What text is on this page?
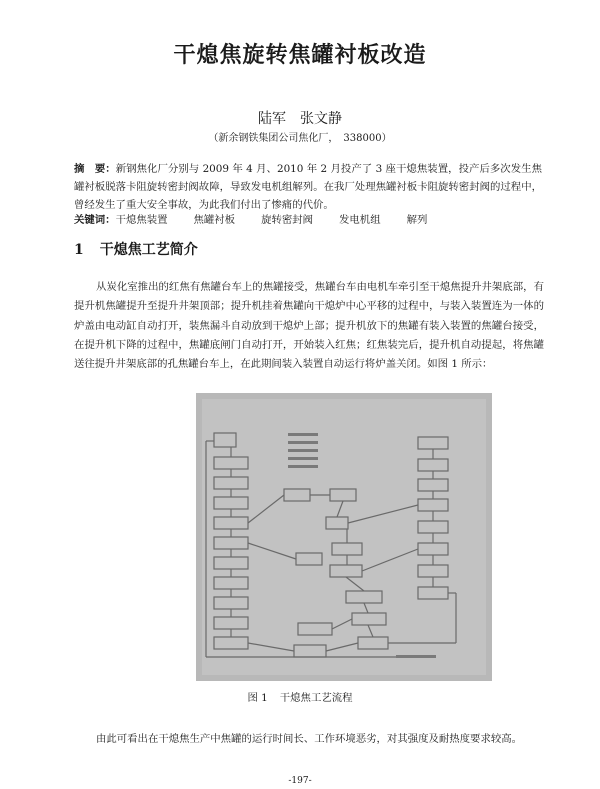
干熄焦旋转焦罐衬板改造
陆军　张文静
（新余钢铁集团公司焦化厂，　338000）
摘　要：新钢焦化厂分别与 2009 年 4 月、2010 年 2 月投产了 3 座干熄焦装置，投产后多次发生焦罐衬板脱落卡阻旋转密封阀故障，导致发电机组解列。在我厂处理焦罐衬板卡阻旋转密封阀的过程中，曾经发生了重大安全事故，为此我们付出了惨痛的代价。
关键词：干熄焦装置	焦罐衬板	旋转密封阀	发电机组	解列
1 干熄焦工艺简介
从炭化室推出的红焦有焦罐台车上的焦罐接受，焦罐台车由电机车牵引至干熄焦提升井架底部，有提升机焦罐提升至提升井架顶部；提升机挂着焦罐向干熄炉中心平移的过程中，与装入装置连为一体的炉盖由电动缸自动打开，装焦漏斗自动放到干熄炉上部；提升机放下的焦罐有装入装置的焦罐台接受，在提升机下降的过程中，焦罐底闸门自动打开，开始装入红焦；红焦装完后，提升机自动提起，将焦罐送往提升井架底部的孔焦罐台车上，在此期间装入装置自动运行将炉盖关闭。如图 1 所示：
图 1 干熄焦工艺流程
由此可看出在干熄焦生产中焦罐的运行时间长、工作环境恶劣，对其强度及耐热度要求较高。
-197-
